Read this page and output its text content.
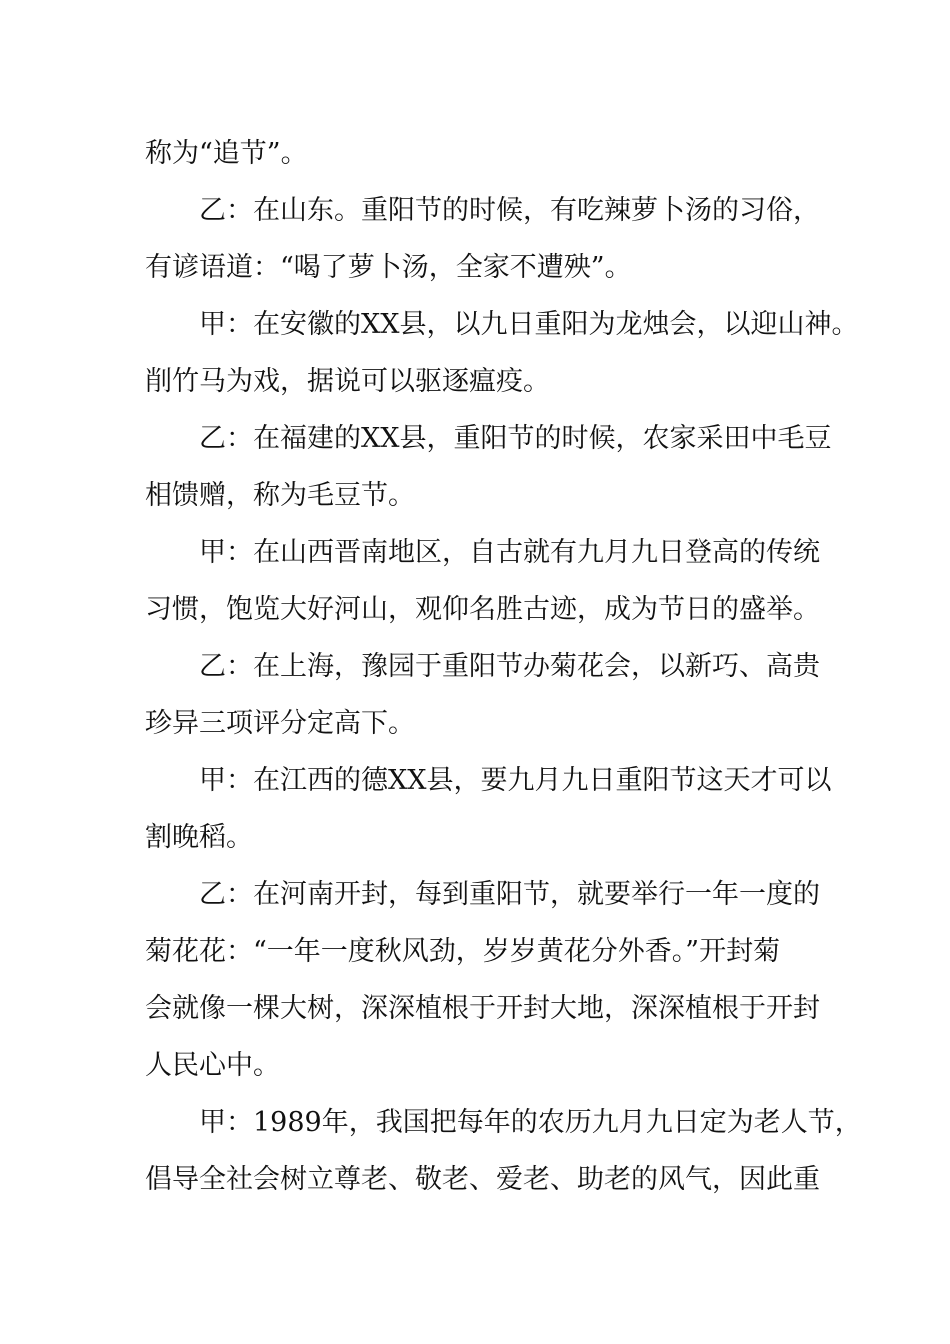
称为“追节”。
乙：在山东。重阳节的时候，有吃辣萝卜汤的习俗，
有谚语道：“喝了萝卜汤，全家不遭殃”。
甲：在安徽的XX县，以九日重阳为龙烛会，以迎山神。
削竹马为戏，据说可以驱逐瘟疫。
乙：在福建的XX县，重阳节的时候，农家采田中毛豆
相馈赠，称为毛豆节。
甲：在山西晋南地区，自古就有九月九日登高的传统
习惯，饱览大好河山，观仰名胜古迹，成为节日的盛举。
乙：在上海，豫园于重阳节办菊花会，以新巧、高贵
珍异三项评分定高下。
甲：在江西的德XX县，要九月九日重阳节这天才可以
割晚稻。
乙：在河南开封，每到重阳节，就要举行一年一度的
菊花花：“一年一度秋风劲，岁岁黄花分外香。”开封菊
会就像一棵大树，深深植根于开封大地，深深植根于开封
人民心中。
甲：1989年，我国把每年的农历九月九日定为老人节，
倡导全社会树立尊老、敬老、爱老、助老的风气，因此重
